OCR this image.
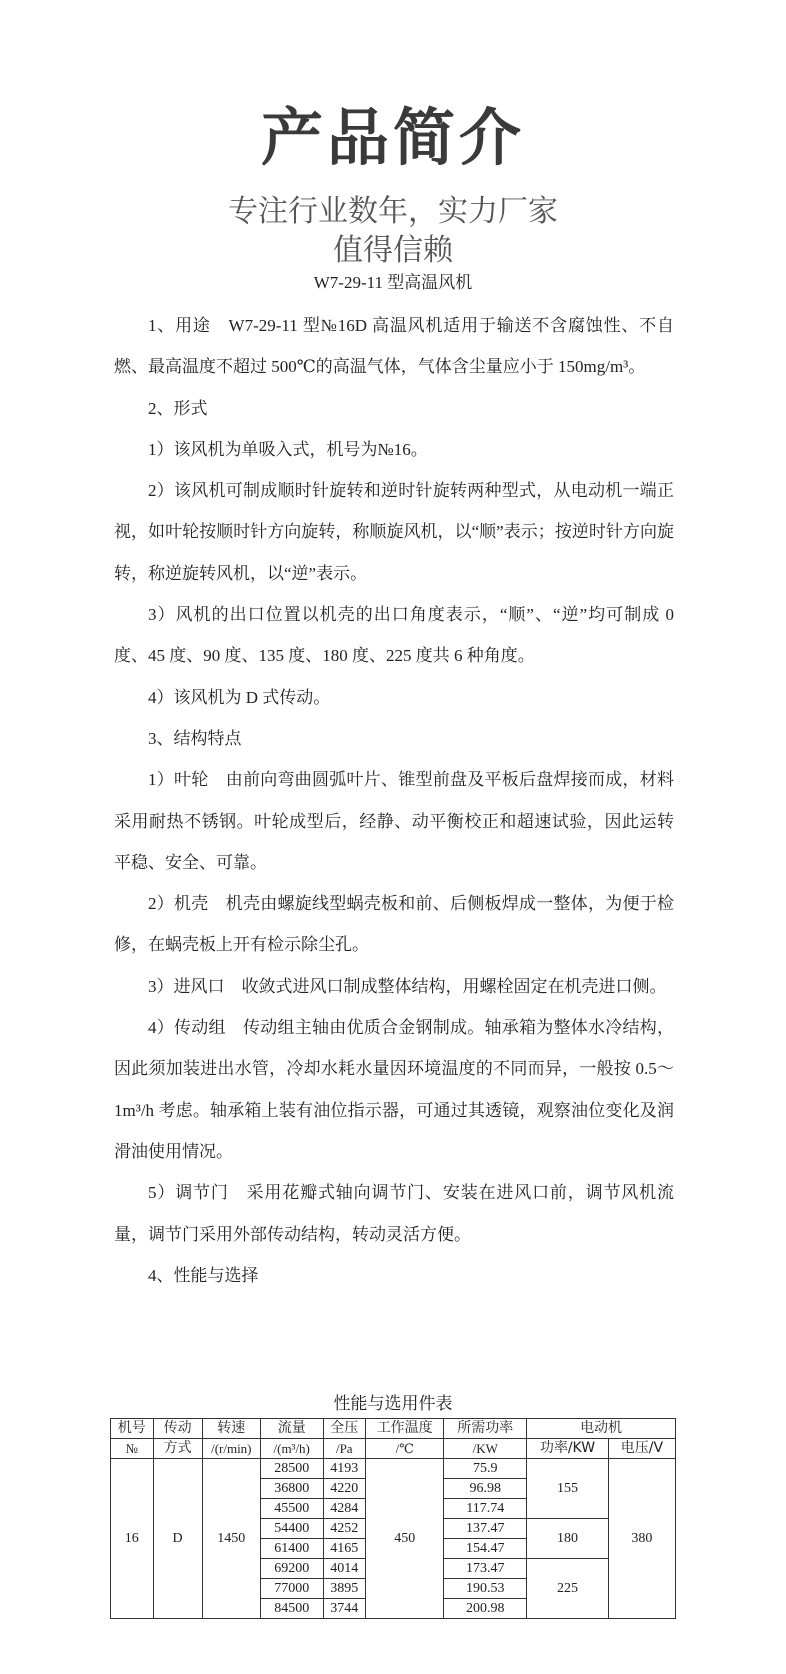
产品简介
专注行业数年，实力厂家
值得信赖
W7-29-11 型高温风机

1、用途　W7-29-11 型№16D 高温风机适用于输送不含腐蚀性、不自燃、最高温度不超过 500℃的高温气体，气体含尘量应小于 150mg/m³。

2、形式

1）该风机为单吸入式，机号为№16。

2）该风机可制成顺时针旋转和逆时针旋转两种型式，从电动机一端正视，如叶轮按顺时针方向旋转，称顺旋风机，以“顺”表示；按逆时针方向旋转，称逆旋转风机，以“逆”表示。

3）风机的出口位置以机壳的出口角度表示，“顺”、“逆”均可制成 0 度、45 度、90 度、135 度、180 度、225 度共 6 种角度。

4）该风机为 D 式传动。

3、结构特点

1）叶轮　由前向弯曲圆弧叶片、锥型前盘及平板后盘焊接而成，材料采用耐热不锈钢。叶轮成型后，经静、动平衡校正和超速试验，因此运转平稳、安全、可靠。

2）机壳　机壳由螺旋线型蜗壳板和前、后侧板焊成一整体，为便于检修，在蜗壳板上开有检示除尘孔。

3）进风口　收敛式进风口制成整体结构，用螺栓固定在机壳进口侧。

4）传动组　传动组主轴由优质合金钢制成。轴承箱为整体水冷结构，因此须加装进出水管，冷却水耗水量因环境温度的不同而异，一般按 0.5～1m³/h 考虑。轴承箱上装有油位指示器，可通过其透镜，观察油位变化及润滑油使用情况。

5）调节门　采用花瓣式轴向调节门、安装在进风口前，调节风机流量，调节门采用外部传动结构，转动灵活方便。

4、性能与选择

性能与选用件表
机号	传动	转速	流量	全压	工作温度	所需功率	电动机	
№	方式	/(r/min)	/(m³/h)	/Pa	/℃	/KW	功率/KW	电压/V
16	D	1450	28500	4193	450	75.9	155	380
			36800	4220		96.98		
			45500	4284		117.74		
			54400	4252		137.47	180	
			61400	4165		154.47		
			69200	4014		173.47	225	
			77000	3895		190.53		
			84500	3744		200.98		
